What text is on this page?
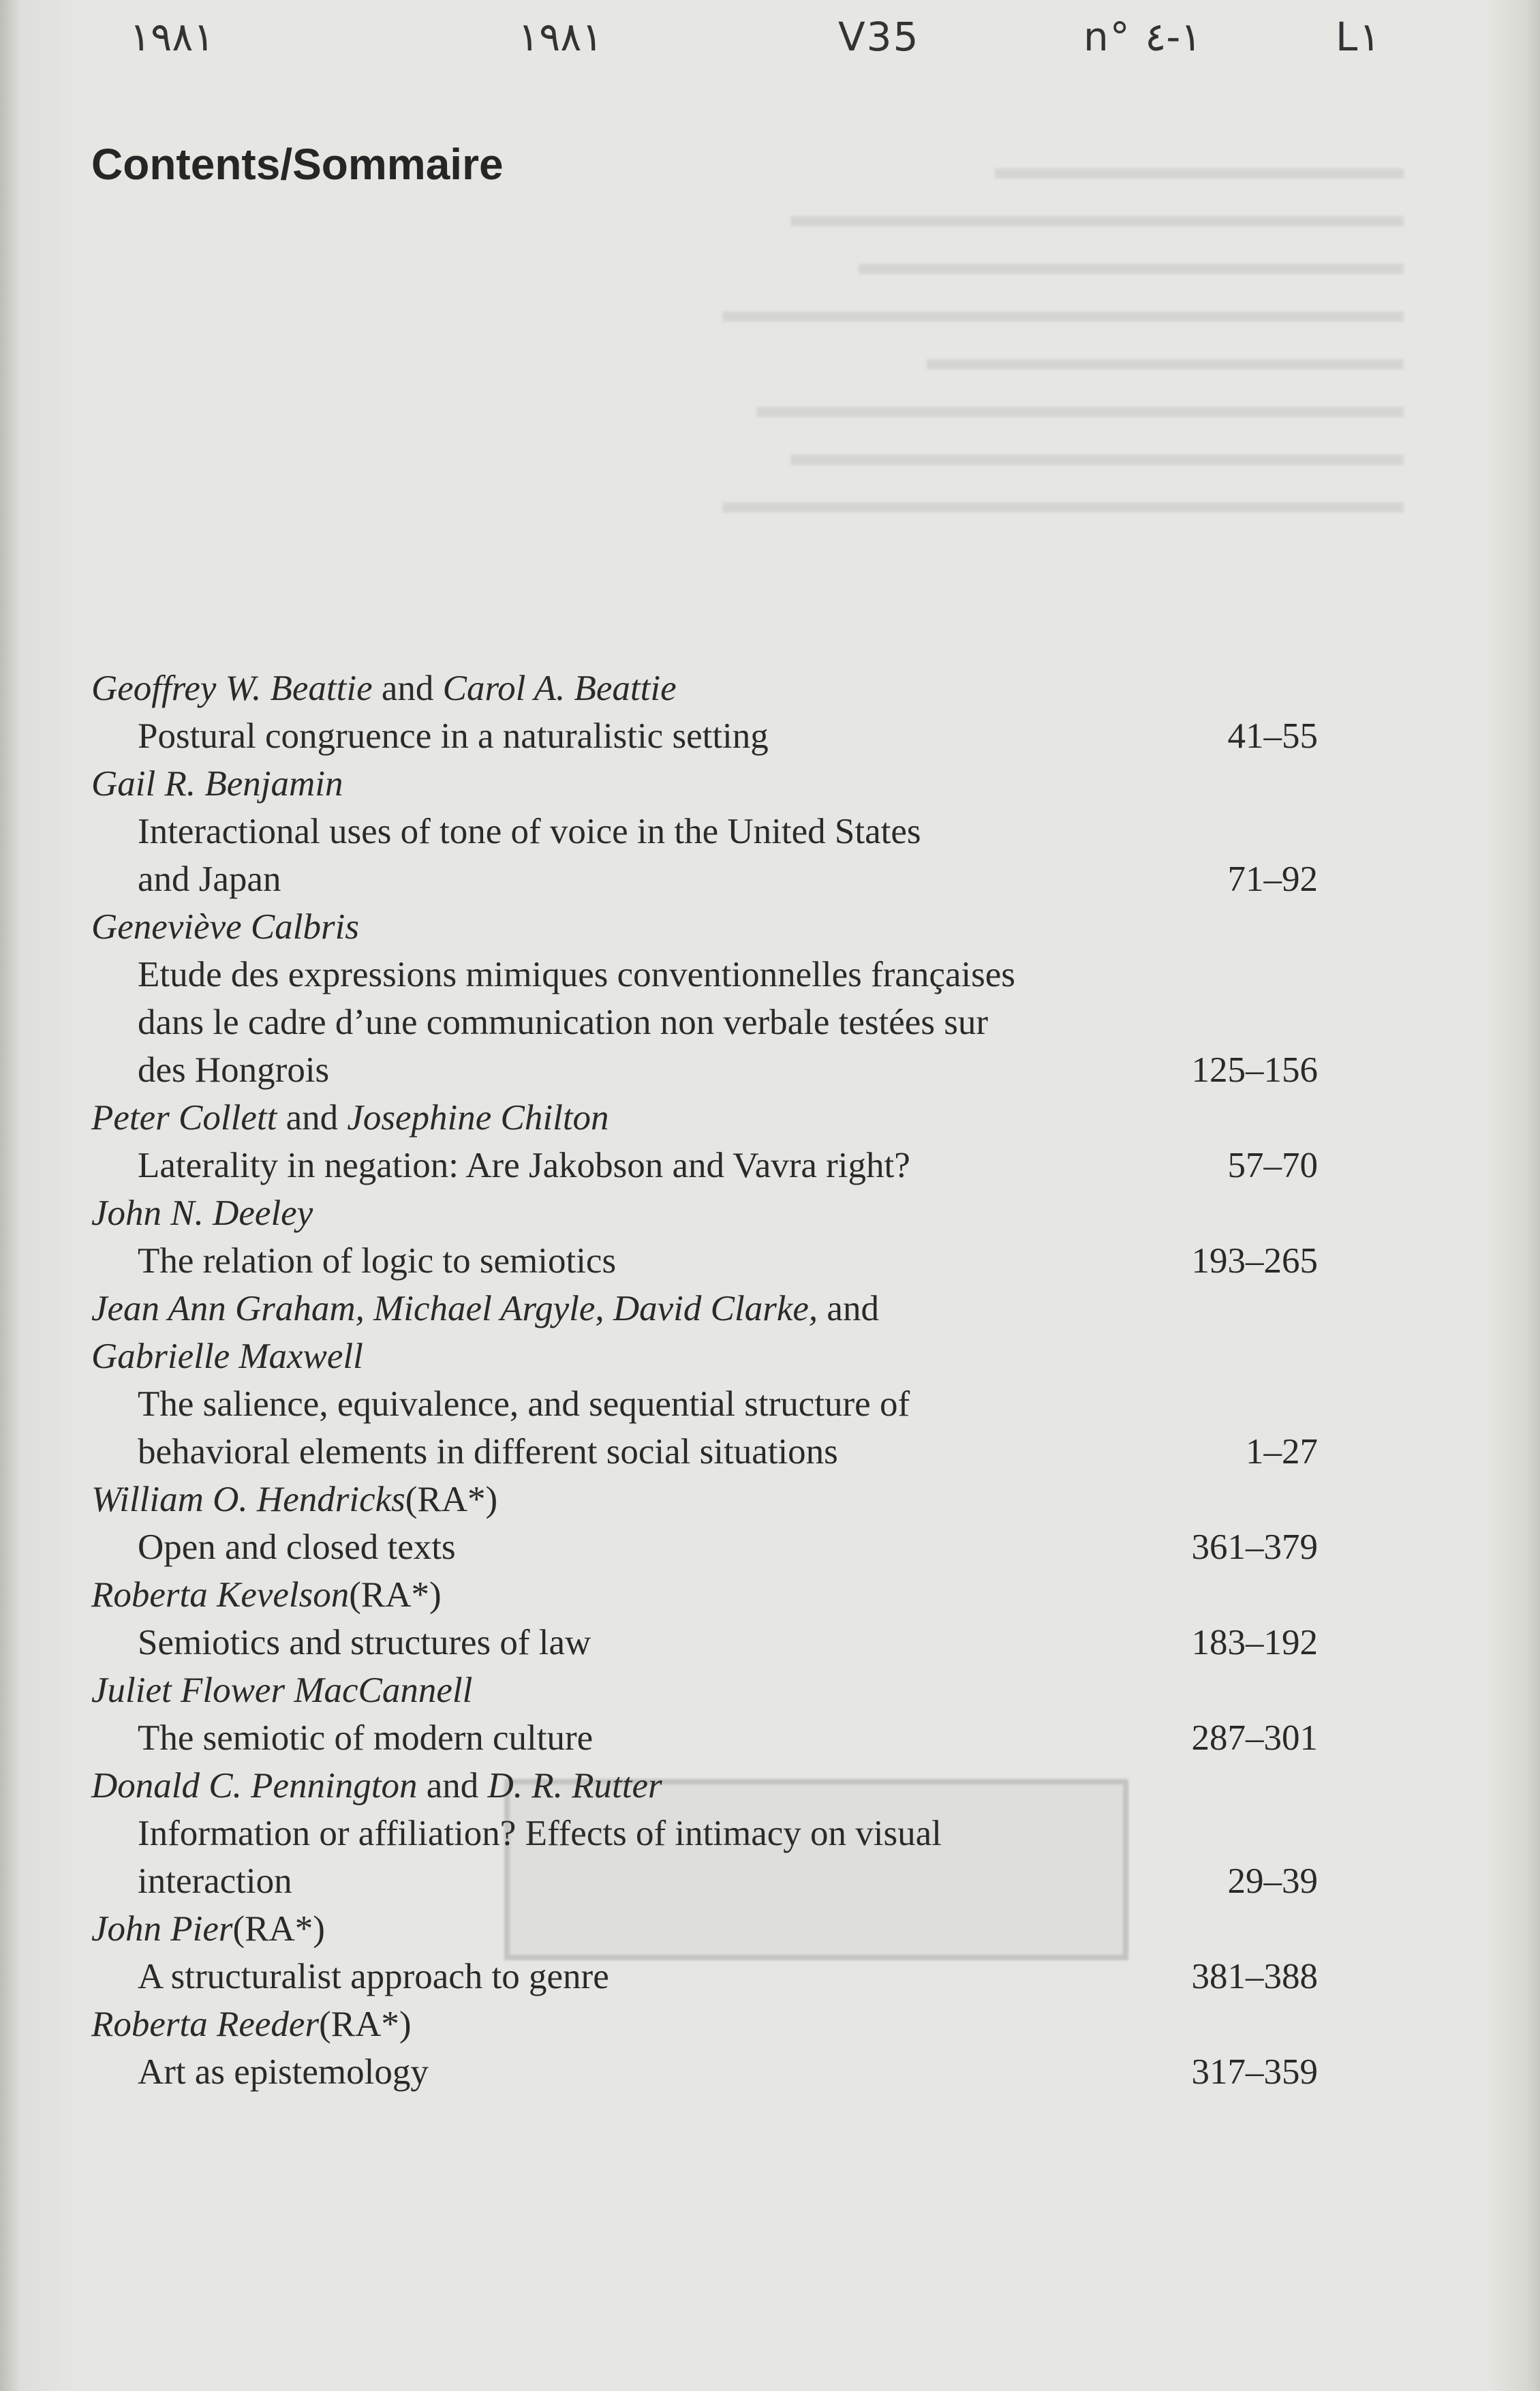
١٩٨١	١٩٨١	V35	n° ١-٤	L١
▬▬▬▬▬▬▬▬▬▬▬▬
▬▬▬▬▬▬▬▬▬▬▬▬▬▬▬▬▬▬
▬▬▬▬▬▬▬▬▬▬▬▬▬▬▬▬
▬▬▬▬▬▬▬▬▬▬▬▬▬▬▬▬▬▬▬▬
▬▬▬▬▬▬▬▬▬▬▬▬▬▬
▬▬▬▬▬▬▬▬▬▬▬▬▬▬▬▬▬▬▬
▬▬▬▬▬▬▬▬▬▬▬▬▬▬▬▬▬▬
▬▬▬▬▬▬▬▬▬▬▬▬▬▬▬▬▬▬▬▬
Contents/Sommaire
Geoffrey W. Beattie and Carol A. Beattie
Postural congruence in a naturalistic setting	41–55
Gail R. Benjamin
Interactional uses of tone of voice in the United States
and Japan	71–92
Geneviève Calbris
Etude des expressions mimiques conventionnelles françaises
dans le cadre d’une communication non verbale testées sur
des Hongrois	125–156
Peter Collett and Josephine Chilton
Laterality in negation: Are Jakobson and Vavra right?	57–70
John N. Deeley
The relation of logic to semiotics	193–265
Jean Ann Graham, Michael Argyle, David Clarke, and
Gabrielle Maxwell
The salience, equivalence, and sequential structure of
behavioral elements in different social situations	1–27
William O. Hendricks(RA*)
Open and closed texts	361–379
Roberta Kevelson(RA*)
Semiotics and structures of law	183–192
Juliet Flower MacCannell
The semiotic of modern culture	287–301
Donald C. Pennington and D. R. Rutter
Information or affiliation? Effects of intimacy on visual
interaction	29–39
John Pier(RA*)
A structuralist approach to genre	381–388
Roberta Reeder(RA*)
Art as epistemology	317–359
